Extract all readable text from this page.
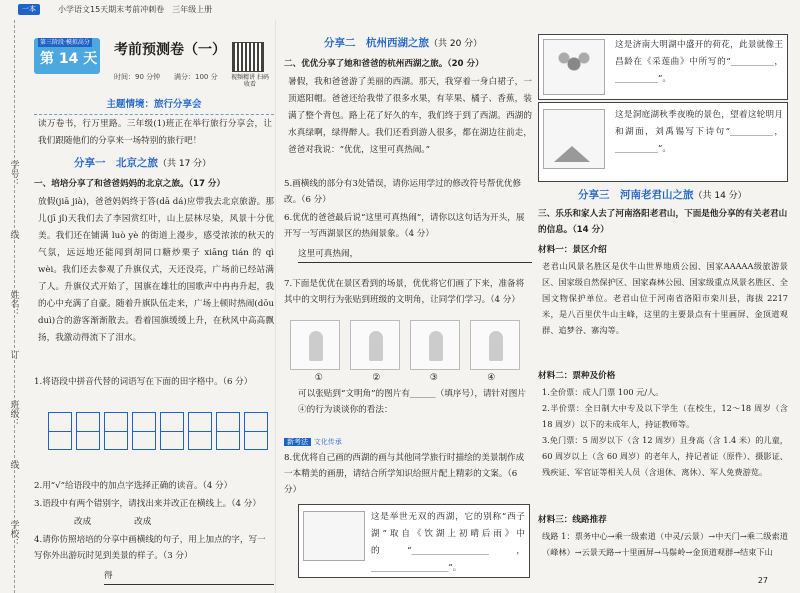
一本	小学语文15天期末考前冲刺卷　三年级上册
学号：
线
姓名：
订
班级：
线
学校：
第三阶段·模拟高分
第 14 天
考前预测卷（一）
时间：90 分钟 满分：100 分 视频精讲 扫码收看
主题情境：旅行分享会
读万卷书，行万里路。三年级(1)班正在举行旅行分享会，让我们跟随他们的分享来一场特别的旅行吧！
分享一　北京之旅（共 17 分）
一、培培分享了和爸爸妈妈的北京之旅。（17 分）
放假(jiā jià)，爸爸妈妈终于答(dā dá)应带我去北京旅游。那儿(jī jǐ)天我们去了李园赏红叶，山上层林尽染，风景十分优美。我们还在铺满 luò yè 的街道上漫步，感受浓浓的秋天的气氛，远远地还能闻到胡同口糖炒栗子 xiāng tián 的 qì wèi。我们还去参观了升旗仪式，天还没亮，广场前已经站满了人。升旗仪式开始了，国旗在雄壮的国歌声中冉冉升起，我的心中充满了自豪。随着升旗队伍走来，广场上顿时热闹(dōu duì)合的游客渐渐散去。看着国旗缓缓上升，在秋风中高高飘扬，我激动得流下了泪水。
1.将语段中拼音代替的词语写在下面的田字格中。（6 分）
2.用“√”给语段中的加点字选择正确的读音。（4 分）
3.语段中有两个错别字，请找出来并改正在横线上。（4 分）
改成　　　　　改成
4.请你仿照培培的分享中画横线的句子，用上加点的字，写一写你外出游玩时见到美景的样子。（3 分）
得
分享二　杭州西湖之旅（共 20 分）
二、优优分享了她和爸爸的杭州西湖之旅。（20 分）
暑假，我和爸爸游了美丽的西湖。那天，我穿着一身白裙子，一顶遮阳帽。爸爸还给我带了很多水果，有苹果、橘子、香蕉，装满了整个背包。路上花了好久的车，我们终于到了西湖。西湖的水真绿啊，绿得醉人。我们还看到游人很多，都在湖边往前走，爸爸对我说：“优优，这里可真热闹。”
5.画横线的部分有3处错误，请你运用学过的修改符号帮优优修改。（6 分）
6.优优的爸爸最后说“这里可真热闹”，请你以这句话为开头，展开写一写西湖景区的热闹景象。（4 分）
这里可真热闹，
7.下面是优优在景区看到的场景，优优将它们画了下来，准备将其中的文明行为张贴到班级的文明角，让同学们学习。（4 分）
①	②	③	④
可以张贴到“文明角”的图片有______（填序号），请针对图片④的行为谈谈你的看法：
新考法 文化传承
8.优优将自己画的西湖的画与其他同学旅行时描绘的美景制作成一本精美的画册，请结合所学知识给照片配上精彩的文案。（6 分）
这是举世无双的西湖，它的别称“西子湖”取自《饮湖上初晴后雨》中的“__________________，__________________”。
这是济南大明湖中盛开的荷花，此景就像王昌龄在《采莲曲》中所写的“__________，__________”。
这是洞庭湖秋季夜晚的景色，望着这轮明月和湖面，刘禹锡写下诗句“__________，__________”。
分享三　河南老君山之旅（共 14 分）
三、乐乐和家人去了河南洛阳老君山，下面是他分享的有关老君山的信息。（14 分）
材料一：景区介绍
老君山风景名胜区是伏牛山世界地质公园、国家AAAAA级旅游景区、国家级自然保护区、国家森林公园、国家级重点风景名胜区、全国文物保护单位。老君山位于河南省洛阳市栾川县，海拔 2217 米，是八百里伏牛山主峰，这里的主要景点有十里画屏、金顶道观群、追梦谷、寨沟等。
材料二：票种及价格
1.全价票：成人门票 100 元/人。
2.半价票：全日制大中专及以下学生（在校生，12～18 周岁（含 18 周岁）以下的未成年人，持证教师等。
3.免门票：5 周岁以下（含 12 周岁）且身高（含 1.4 米）的儿童，60 周岁以上（含 60 周岁）的老年人，持记者证（原件）、摄影证、残疾证、军官证等相关人员（含退休、离休）、军人免费游览。
材料三：线路推荐
线路 1：票务中心→乘一级索道（中灵/云景）→中天门→乘二级索道（峰林）→云景天路→十里画屏→马鬃岭→金顶道观群→结束下山
27
